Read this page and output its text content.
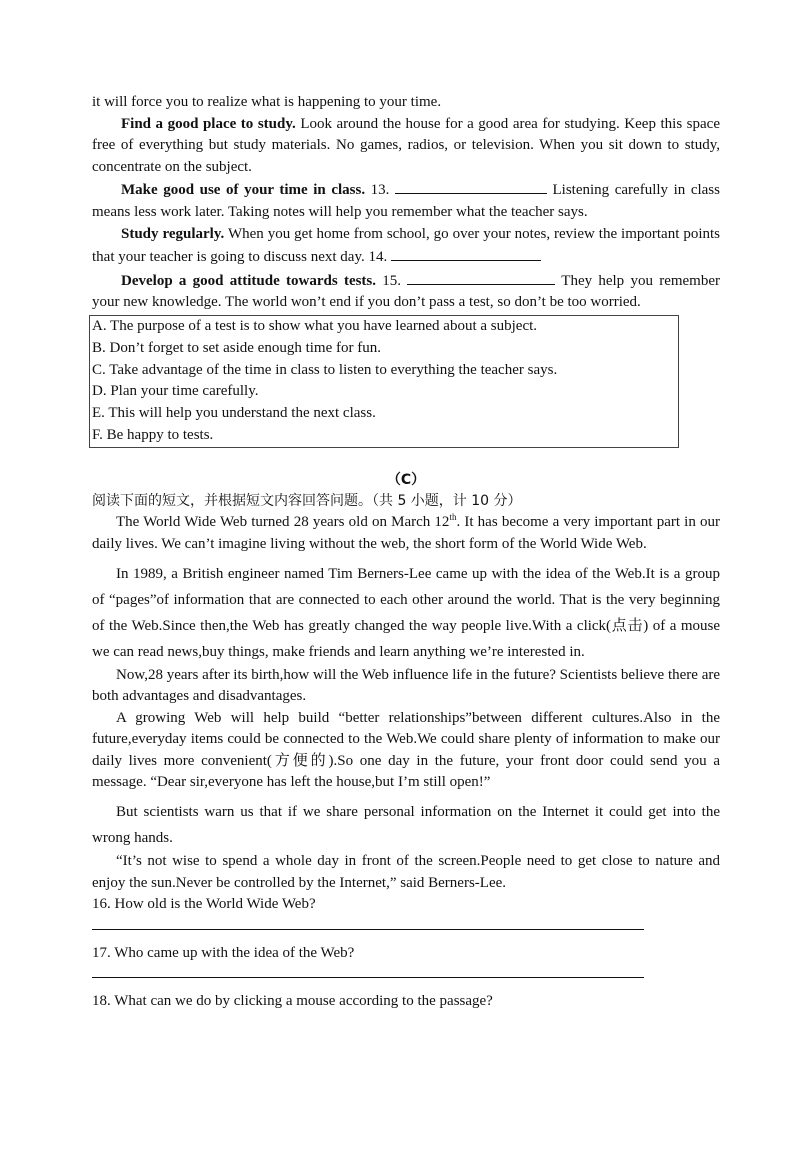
it will force you to realize what is happening to your time.

Find a good place to study. Look around the house for a good area for studying. Keep this space free of everything but study materials. No games, radios, or television. When you sit down to study, concentrate on the subject.

Make good use of your time in class. 13.	Listening carefully in class means less work later. Taking notes will help you remember what the teacher says.

Study regularly. When you get home from school, go over your notes, review the important points that your teacher is going to discuss next day. 14.

Develop a good attitude towards tests. 15.	They help you remember your new knowledge. The world won’t end if you don’t pass a test, so don’t be too worried.

A. The purpose of a test is to show what you have learned about a subject.

B. Don’t forget to set aside enough time for fun.

C. Take advantage of the time in class to listen to everything the teacher says.

D. Plan your time carefully.

E. This will help you understand the next class.

F. Be happy to tests.

（C）

阅读下面的短文，并根据短文内容回答问题。（共 5 小题，计 10 分）

The World Wide Web turned 28 years old on March 12th. It has become a very important part in our daily lives. We can’t imagine living without the web, the short form of the World Wide Web.

In 1989, a British engineer named Tim Berners-Lee came up with the idea of the Web.It is a group of “pages”of information that are connected to each other around the world. That is the very beginning of the Web.Since then,the Web has greatly changed the way people live.With a click(点击) of a mouse we can read news,buy things, make friends and learn anything we’re interested in.

Now,28 years after its birth,how will the Web influence life in the future? Scientists believe there are both advantages and disadvantages.

A growing Web will help build “better relationships”between different cultures.Also in the future,everyday items could be connected to the Web.We could share plenty of information to make our daily lives more convenient(方便的).So one day in the future, your front door could send you a message. “Dear sir,everyone has left the house,but I’m still open!”

But scientists warn us that if we share personal information on the Internet it could get into the wrong hands.

“It’s not wise to spend a whole day in front of the screen.People need to get close to nature and enjoy the sun.Never be controlled by the Internet,” said Berners-Lee.

16. How old is the World Wide Web?

17. Who came up with the idea of the Web?

18. What can we do by clicking a mouse according to the passage?
